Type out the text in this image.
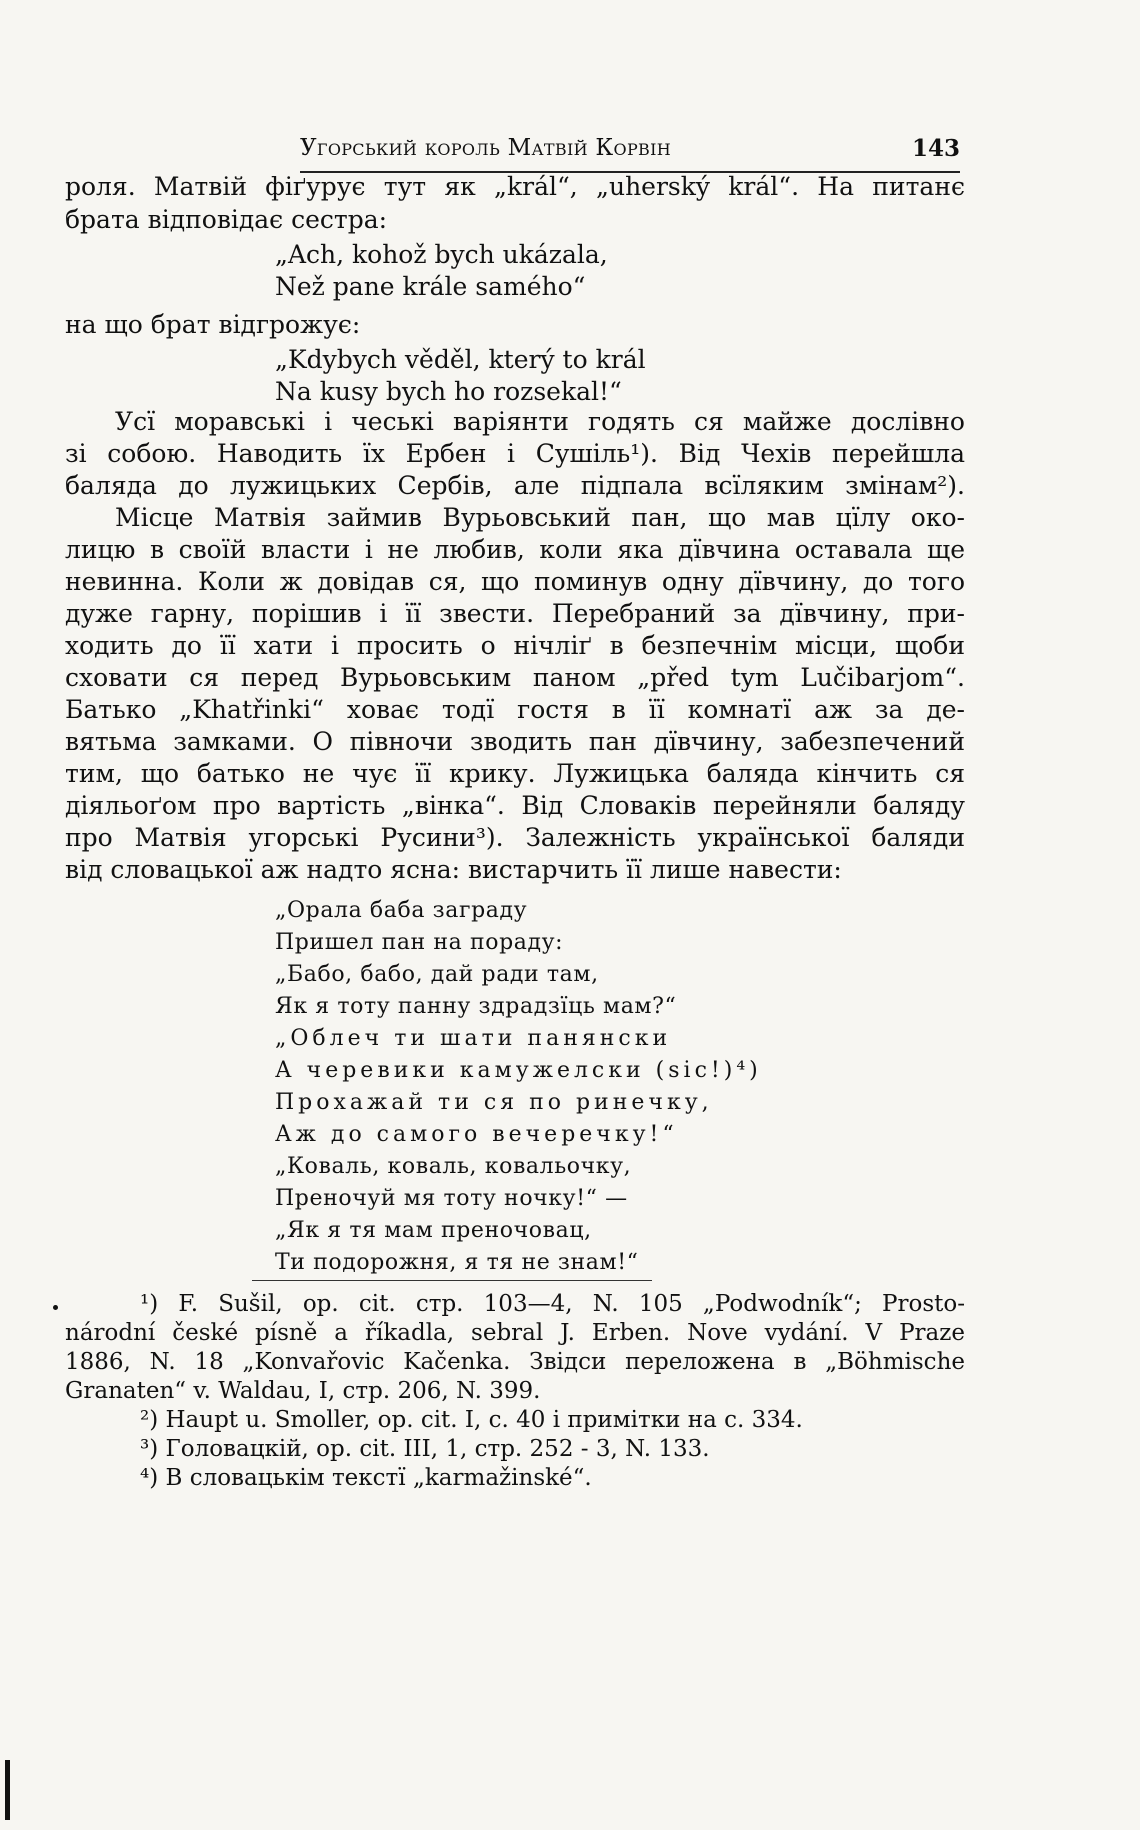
Угорський король Матвій Корвін	143
роля. Матвій фіґурує тут як „král“, „uherský král“. На питанє
брата відповідає сестра:
„Ach, kohož bych ukázala,
Než pane krále samého“
на що брат відгрожує:
„Kdybych věděl, který to král
Na kusy bych ho rozsekal!“
Усї моравські і чеські варіянти годять ся майже дослівно
зі собою. Наводить їх Ербен і Сушіль¹). Від Чехів перейшла
баляда до лужицьких Сербів, але підпала всїляким змінам²).
Місце Матвія займив Вурьовський пан, що мав цїлу око-
лицю в своїй власти і не любив, коли яка дївчина оставала ще
невинна. Коли ж довідав ся, що поминув одну дївчину, до того
дуже гарну, порішив і її звести. Перебраний за дївчину, при-
ходить до її хати і просить о нічліґ в безпечнім місци, щоби
сховати ся перед Вурьовським паном „před tym Lučibarjom“.
Батько „Khatřinki“ ховає тодї гостя в її комнатї аж за де-
вятьма замками. О півночи зводить пан дївчину, забезпечений
тим, що батько не чує її крику. Лужицька баляда кінчить ся
діяльоґом про вартість „вінка“. Від Словаків перейняли баляду
про Матвія угорські Русини³). Залежність української баляди
від словацької аж надто ясна: вистарчить її лише навести:
„Орала баба заграду
Пришел пан на пораду:
„Бабо, бабо, дай ради там,
Як я тоту панну здрадзїць мам?“
„Облеч ти шати панянски
А черевики камужелски (sic!)⁴)
Прохажай ти ся по ринечку,
Аж до самого вечеречку!“
„Коваль, коваль, ковальочку,
Преночуй мя тоту ночку!“ —
„Як я тя мам преночовац,
Ти подорожня, я тя не знам!“
¹) F. Sušil, op. cit. стр. 103—4, N. 105 „Podwodník“; Prosto-
národní české písně a říkadla, sebral J. Erben. Nove vydání. V Praze
1886, N. 18 „Konvařovic Kačenka. Звідси переложена в „Böhmische
Granaten“ v. Waldau, I, стр. 206, N. 399.
²) Haupt u. Smoller, op. cit. I, c. 40 і примітки на с. 334.
³) Головацкій, op. cit. III, 1, стр. 252 - 3, N. 133.
⁴) В словацькім текстї „karmažinské“.
